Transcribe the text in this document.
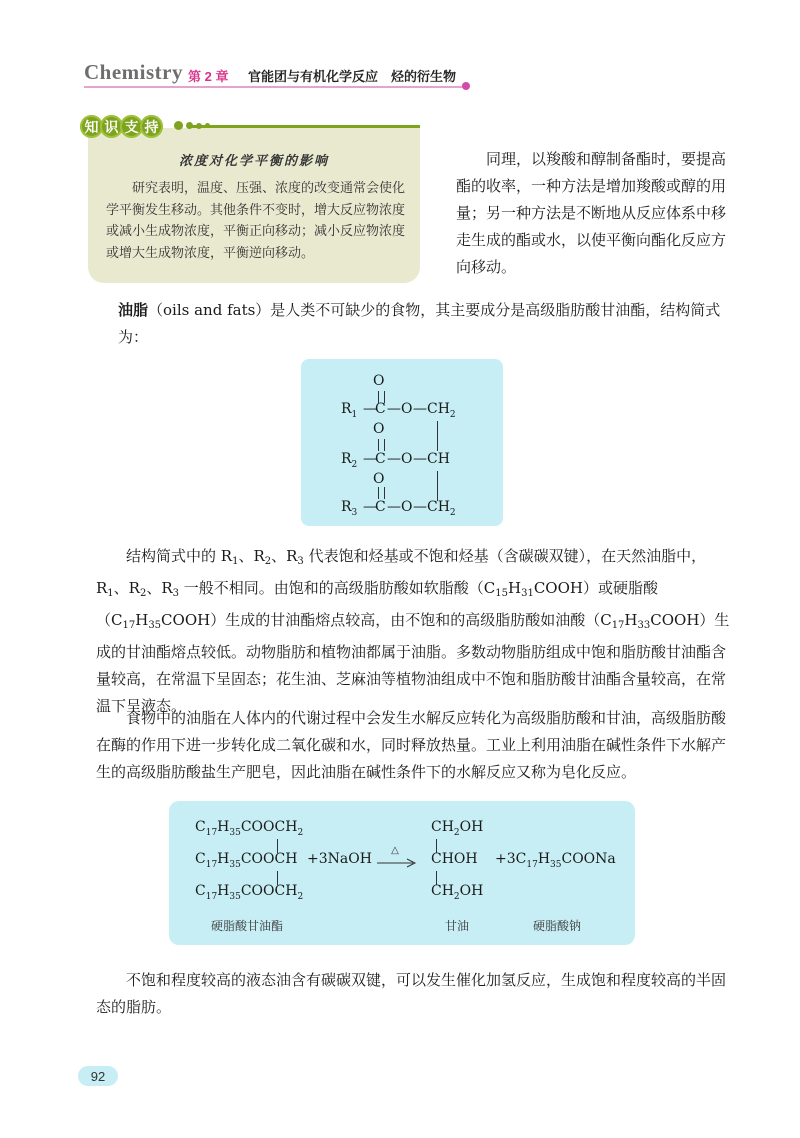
Chemistry 第 2 章 官能团与有机化学反应　烃的衍生物
知 识 支 持
浓度对化学平衡的影响
研究表明，温度、压强、浓度的改变通常会使化学平衡发生移动。其他条件不变时，增大反应物浓度或减小生成物浓度，平衡正向移动；减小反应物浓度或增大生成物浓度，平衡逆向移动。
同理，以羧酸和醇制备酯时，要提高酯的收率，一种方法是增加羧酸或醇的用量；另一种方法是不断地从反应体系中移走生成的酯或水，以使平衡向酯化反应方向移动。
油脂（oils and fats）是人类不可缺少的食物，其主要成分是高级脂肪酸甘油酯，结构简式为：
O
$R_1$ —
C — O — $CH_2$
O
$R_2$ —
C — O — CH
O
$R_3$ —
C — O — $CH_2$
结构简式中的 $R_1$、$R_2$、$R_3$ 代表饱和烃基或不饱和烃基（含碳碳双键），在天然油脂中，$R_1$、$R_2$、$R_3$ 一般不相同。由饱和的高级脂肪酸如软脂酸$(C_{15}H_{31}COOH)$或硬脂酸$(C_{17}H_{35}COOH)$生成的甘油酯熔点较高，由不饱和的高级脂肪酸如油酸$(C_{17}H_{33}COOH)$生成的甘油酯熔点较低。动物脂肪和植物油都属于油脂。多数动物脂肪组成中饱和脂肪酸甘油酯含量较高，在常温下呈固态；花生油、芝麻油等植物油组成中不饱和脂肪酸甘油酯含量较高，在常温下呈液态。
食物中的油脂在人体内的代谢过程中会发生水解反应转化为高级脂肪酸和甘油，高级脂肪酸在酶的作用下进一步转化成二氧化碳和水，同时释放热量。工业上利用油脂在碱性条件下水解产生的高级脂肪酸盐生产肥皂，因此油脂在碱性条件下的水解反应又称为皂化反应。
$C_{17}H_{35}COOCH_2$
$C_{17}H_{35}COOCH$
$C_{17}H_{35}COOCH_2$
+3NaOH
△
$CH_2OH$
CHOH
$CH_2OH$
$+3C_{17}H_{35}COONa$
硬脂酸甘油酯	甘油	硬脂酸钠
不饱和程度较高的液态油含有碳碳双键，可以发生催化加氢反应，生成饱和程度较高的半固态的脂肪。
92
